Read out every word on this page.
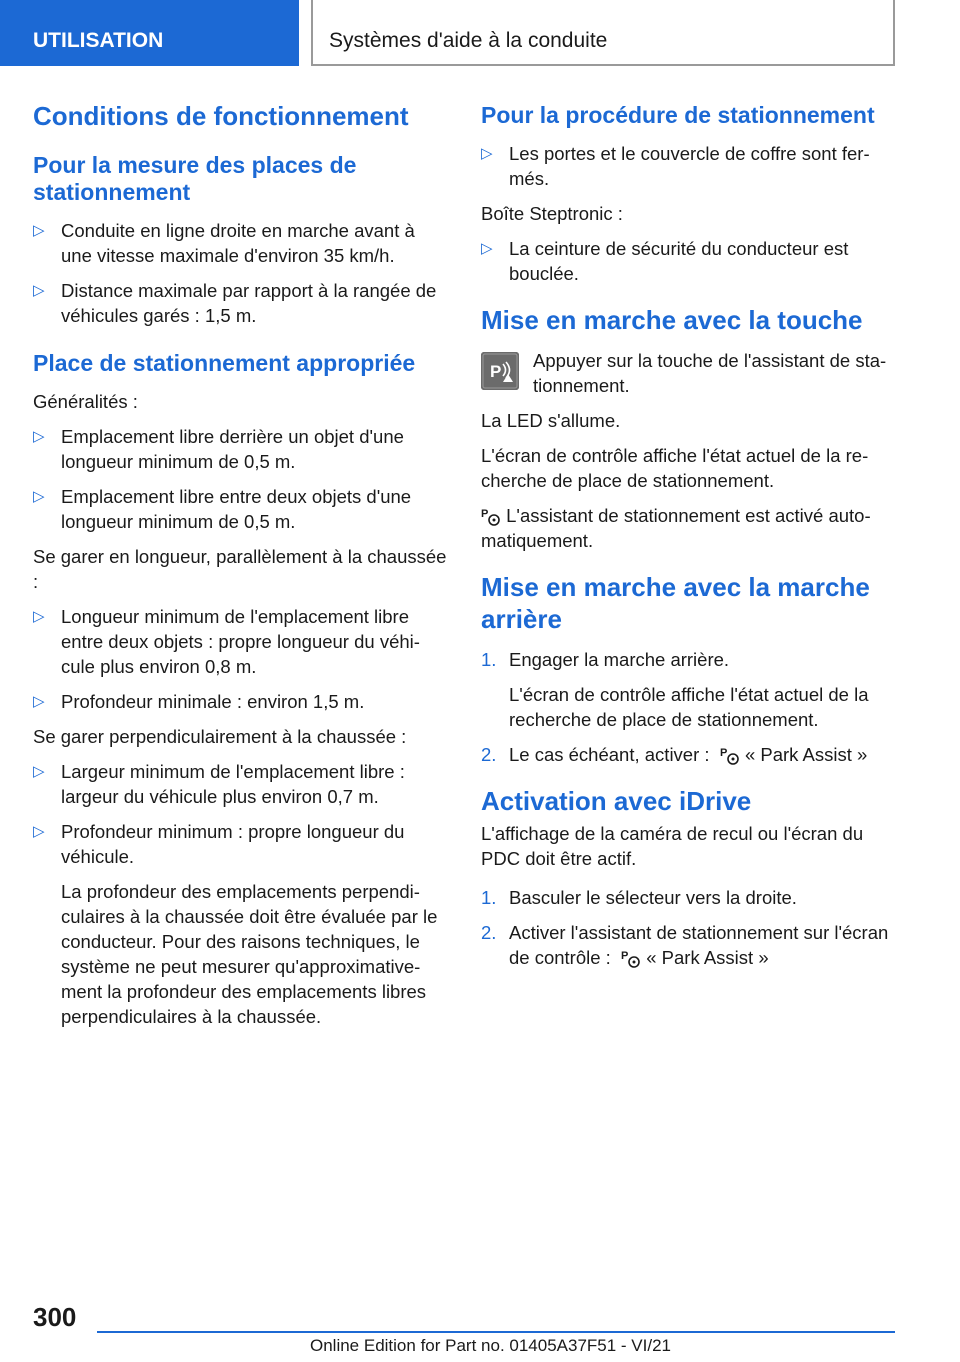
UTILISATION	Systèmes d'aide à la conduite
Conditions de fonctionnement
Pour la mesure des places de stationnement
▷ Conduite en ligne droite en marche avant à une vitesse maximale d'environ 35 km/h.
▷ Distance maximale par rapport à la rangée de véhicules garés : 1,5 m.
Place de stationnement appropriée

Généralités :

▷ Emplacement libre derrière un objet d'une longueur minimum de 0,5 m.
▷ Emplacement libre entre deux objets d'une longueur minimum de 0,5 m.

Se garer en longueur, parallèlement à la chaussée :

▷ Longueur minimum de l'emplacement libre entre deux objets : propre longueur du véhicule plus environ 0,8 m.
▷ Profondeur minimale : environ 1,5 m.

Se garer perpendiculairement à la chaussée :

▷ Largeur minimum de l'emplacement libre : largeur du véhicule plus environ 0,7 m.
▷ Profondeur minimum : propre longueur du véhicule.
La profondeur des emplacements perpendiculaires à la chaussée doit être évaluée par le conducteur. Pour des raisons techniques, le système ne peut mesurer qu'approximativement la profondeur des emplacements libres perpendiculaires à la chaussée.
Pour la procédure de stationnement
▷ Les portes et le couvercle de coffre sont fermés.

Boîte Steptronic :

▷ La ceinture de sécurité du conducteur est bouclée.
Mise en marche avec la touche
P
Appuyer sur la touche de l'assistant de stationnement.

La LED s'allume.

L'écran de contrôle affiche l'état actuel de la recherche de place de stationnement.

P L'assistant de stationnement est activé automatiquement.

Mise en marche avec la marche arrière
1. Engager la marche arrière.
L'écran de contrôle affiche l'état actuel de la recherche de place de stationnement.
2. Le cas échéant, activer : P « Park Assist »
Activation avec iDrive

L'affichage de la caméra de recul ou l'écran du PDC doit être actif.

1. Basculer le sélecteur vers la droite.
2. Activer l'assistant de stationnement sur l'écran de contrôle : P « Park Assist »
300
Online Edition for Part no. 01405A37F51 - VI/21
